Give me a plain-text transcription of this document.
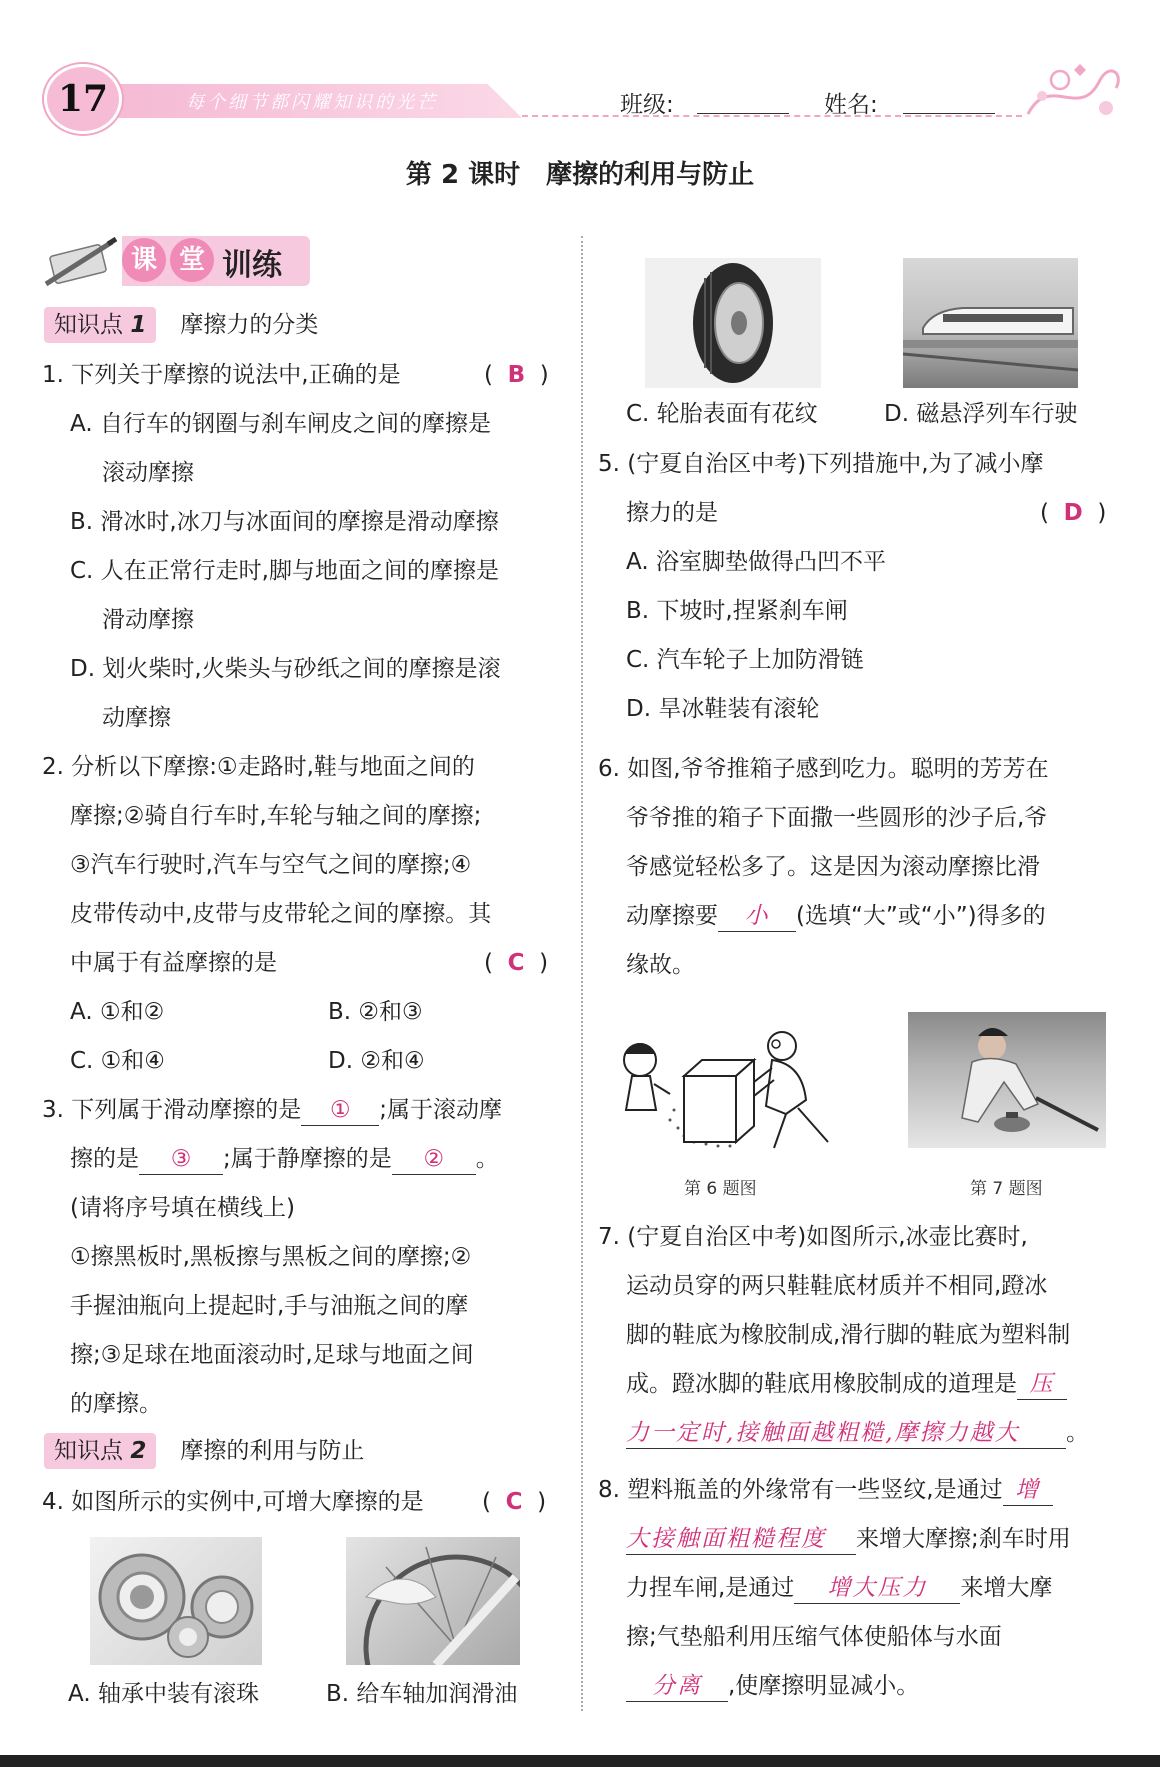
每个细节都闪耀知识的光芒
17	班级:	姓名:
第 2 课时　摩擦的利用与防止
课 堂 训练
知识点 1 摩擦力的分类
1. 下列关于摩擦的说法中,正确的是	( B )
A. 自行车的钢圈与刹车闸皮之间的摩擦是
滚动摩擦
B. 滑冰时,冰刀与冰面间的摩擦是滑动摩擦
C. 人在正常行走时,脚与地面之间的摩擦是
滑动摩擦
D. 划火柴时,火柴头与砂纸之间的摩擦是滚
动摩擦
2. 分析以下摩擦:①走路时,鞋与地面之间的
摩擦;②骑自行车时,车轮与轴之间的摩擦;
③汽车行驶时,汽车与空气之间的摩擦;④
皮带传动中,皮带与皮带轮之间的摩擦。其
中属于有益摩擦的是	( C )
A. ①和②	B. ②和③
C. ①和④	D. ②和④
3. 下列属于滑动摩擦的是 ① ;属于滚动摩
擦的是 ③ ;属于静摩擦的是 ② 。
(请将序号填在横线上)
①擦黑板时,黑板擦与黑板之间的摩擦;②
手握油瓶向上提起时,手与油瓶之间的摩
擦;③足球在地面滚动时,足球与地面之间
的摩擦。
知识点 2 摩擦的利用与防止
4. 如图所示的实例中,可增大摩擦的是	( C )
A. 轴承中装有滚珠	B. 给车轴加润滑油
C. 轮胎表面有花纹	D. 磁悬浮列车行驶
5. (宁夏自治区中考)下列措施中,为了减小摩
擦力的是	( D )
A. 浴室脚垫做得凸凹不平
B. 下坡时,捏紧刹车闸
C. 汽车轮子上加防滑链
D. 旱冰鞋装有滚轮
6. 如图,爷爷推箱子感到吃力。聪明的芳芳在
爷爷推的箱子下面撒一些圆形的沙子后,爷
爷感觉轻松多了。这是因为滚动摩擦比滑
动摩擦要 小 (选填“大”或“小”)得多的
缘故。
第 6 题图	第 7 题图
7. (宁夏自治区中考)如图所示,冰壶比赛时,
运动员穿的两只鞋鞋底材质并不相同,蹬冰
脚的鞋底为橡胶制成,滑行脚的鞋底为塑料制
成。蹬冰脚的鞋底用橡胶制成的道理是 压
力一定时,接触面越粗糙,摩擦力越大 。
8. 塑料瓶盖的外缘常有一些竖纹,是通过 增
大接触面粗糙程度 来增大摩擦;刹车时用
力捏车闸,是通过 增大压力 来增大摩
擦;气垫船利用压缩气体使船体与水面
分离 ,使摩擦明显减小。
